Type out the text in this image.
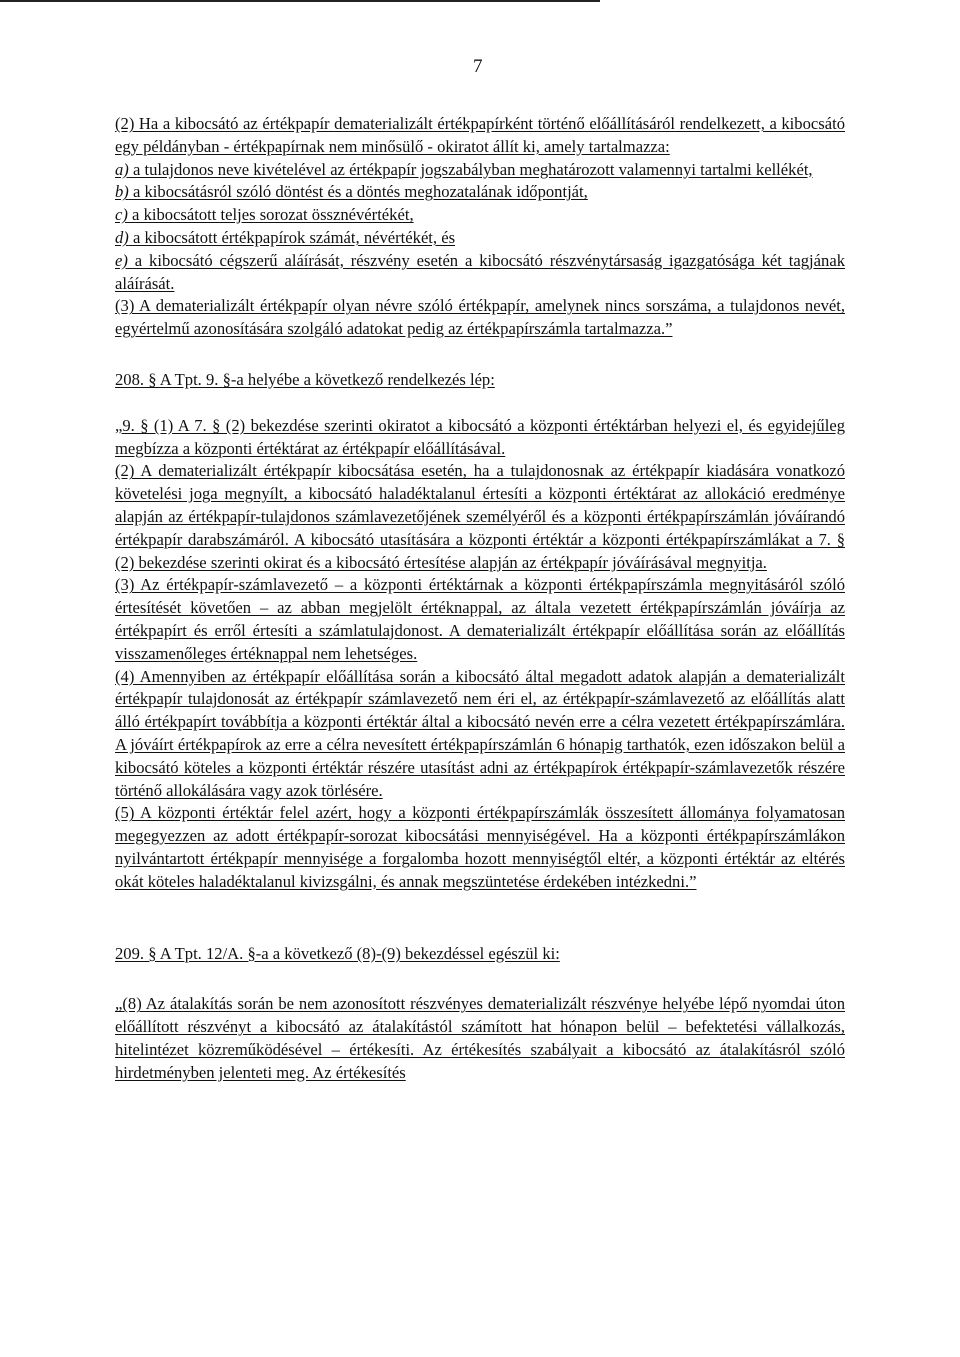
7

(2) Ha a kibocsátó az értékpapír dematerializált értékpapírként történő előállításáról rendelkezett, a kibocsátó egy példányban - értékpapírnak nem minősülő - okiratot állít ki, amely tartalmazza:

a) a tulajdonos neve kivételével az értékpapír jogszabályban meghatározott valamennyi tartalmi kellékét,

b) a kibocsátásról szóló döntést és a döntés meghozatalának időpontját,

c) a kibocsátott teljes sorozat össznévértékét,

d) a kibocsátott értékpapírok számát, névértékét, és

e) a kibocsátó cégszerű aláírását, részvény esetén a kibocsátó részvénytársaság igazgatósága két tagjának aláírását.

(3) A dematerializált értékpapír olyan névre szóló értékpapír, amelynek nincs sorszáma, a tulajdonos nevét, egyértelmű azonosítására szolgáló adatokat pedig az értékpapírszámla tartalmazza.”

208. § A Tpt. 9. §-a helyébe a következő rendelkezés lép:

„9. § (1) A 7. § (2) bekezdése szerinti okiratot a kibocsátó a központi értéktárban helyezi el, és egyidejűleg megbízza a központi értéktárat az értékpapír előállításával.

(2) A dematerializált értékpapír kibocsátása esetén, ha a tulajdonosnak az értékpapír kiadására vonatkozó követelési joga megnyílt, a kibocsátó haladéktalanul értesíti a központi értéktárat az allokáció eredménye alapján az értékpapír-tulajdonos számlavezetőjének személyéről és a központi értékpapírszámlán jóváírandó értékpapír darabszámáról. A kibocsátó utasítására a központi értéktár a központi értékpapírszámlákat a 7. § (2) bekezdése szerinti okirat és a kibocsátó értesítése alapján az értékpapír jóváírásával megnyitja.

(3) Az értékpapír-számlavezető – a központi értéktárnak a központi értékpapírszámla megnyitásáról szóló értesítését követően – az abban megjelölt értéknappal, az általa vezetett értékpapírszámlán jóváírja az értékpapírt és erről értesíti a számlatulajdonost. A dematerializált értékpapír előállítása során az előállítás visszamenőleges értéknappal nem lehetséges.

(4) Amennyiben az értékpapír előállítása során a kibocsátó által megadott adatok alapján a dematerializált értékpapír tulajdonosát az értékpapír számlavezető nem éri el, az értékpapír-számlavezető az előállítás alatt álló értékpapírt továbbítja a központi értéktár által a kibocsátó nevén erre a célra vezetett értékpapírszámlára. A jóváírt értékpapírok az erre a célra nevesített értékpapírszámlán 6 hónapig tarthatók, ezen időszakon belül a kibocsátó köteles a központi értéktár részére utasítást adni az értékpapírok értékpapír-számlavezetők részére történő allokálására vagy azok törlésére.

(5) A központi értéktár felel azért, hogy a központi értékpapírszámlák összesített állománya folyamatosan megegyezzen az adott értékpapír-sorozat kibocsátási mennyiségével. Ha a központi értékpapírszámlákon nyilvántartott értékpapír mennyisége a forgalomba hozott mennyiségtől eltér, a központi értéktár az eltérés okát köteles haladéktalanul kivizsgálni, és annak megszüntetése érdekében intézkedni.”

209. § A Tpt. 12/A. §-a a következő (8)-(9) bekezdéssel egészül ki:

„(8) Az átalakítás során be nem azonosított részvényes dematerializált részvénye helyébe lépő nyomdai úton előállított részvényt a kibocsátó az átalakítástól számított hat hónapon belül – befektetési vállalkozás, hitelintézet közreműködésével – értékesíti. Az értékesítés szabályait a kibocsátó az átalakításról szóló hirdetményben jelenteti meg. Az értékesítés
